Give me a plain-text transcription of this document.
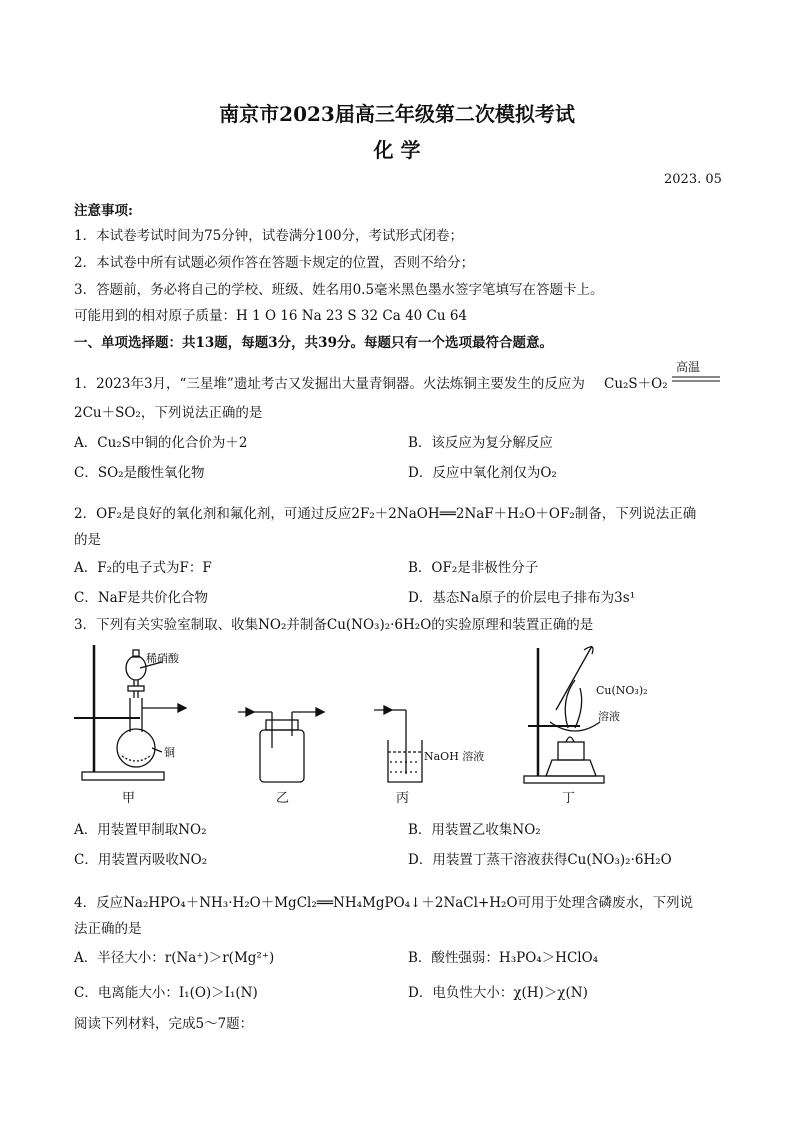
南京市2023届高三年级第二次模拟考试
化 学
2023. 05
注意事项:
1．本试卷考试时间为75分钟，试卷满分100分，考试形式闭卷；
2．本试卷中所有试题必须作答在答题卡规定的位置，否则不给分；
3．答题前，务必将自己的学校、班级、姓名用0.5毫米黑色墨水签字笔填写在答题卡上。
可能用到的相对原子质量：H 1 O 16 Na 23 S 32 Ca 40 Cu 64
一、单项选择题：共13题，每题3分，共39分。每题只有一个选项最符合题意。
1．2023年3月，“三星堆”遗址考古又发掘出大量青铜器。火法炼铜主要发生的反应为 Cu₂S＋O₂
高温
2Cu＋SO₂，下列说法正确的是
A．Cu₂S中铜的化合价为＋2	B．该反应为复分解反应
C．SO₂是酸性氧化物	D．反应中氧化剂仅为O₂
2．OF₂是良好的氧化剂和氟化剂，可通过反应2F₂＋2NaOH══2NaF＋H₂O＋OF₂制备，下列说法正确
的是
A．F₂的电子式为F：F	B．OF₂是非极性分子
C．NaF是共价化合物	D．基态Na原子的价层电子排布为3s¹
3．下列有关实验室制取、收集NO₂并制备Cu(NO₃)₂·6H₂O的实验原理和装置正确的是
稀硝酸
铜	NaOH 溶液
Cu(NO₃)₂
溶液
甲	乙	丙	丁
A．用装置甲制取NO₂	B．用装置乙收集NO₂
C．用装置丙吸收NO₂	D．用装置丁蒸干溶液获得Cu(NO₃)₂·6H₂O
4．反应Na₂HPO₄＋NH₃·H₂O＋MgCl₂══NH₄MgPO₄↓＋2NaCl+H₂O可用于处理含磷废水，下列说
法正确的是
A．半径大小：r(Na⁺)＞r(Mg²⁺)	B．酸性强弱：H₃PO₄＞HClO₄
C．电离能大小：I₁(O)＞I₁(N)	D．电负性大小：χ(H)＞χ(N)
阅读下列材料，完成5～7题：
